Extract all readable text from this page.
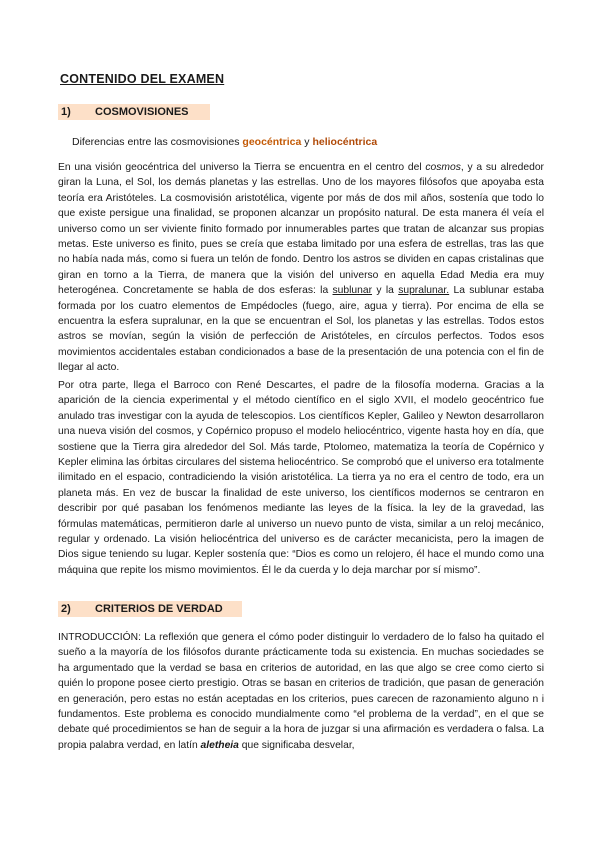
CONTENIDO DEL EXAMEN
1) COSMOVISIONES
Diferencias entre las cosmovisiones geocéntrica y heliocéntrica

En una visión geocéntrica del universo la Tierra se encuentra en el centro del cosmos, y a su alrededor giran la Luna, el Sol, los demás planetas y las estrellas. Uno de los mayores filósofos que apoyaba esta teoría era Aristóteles. La cosmovisión aristotélica, vigente por más de dos mil años, sostenía que todo lo que existe persigue una finalidad, se proponen alcanzar un propósito natural. De esta manera él veía el universo como un ser viviente finito formado por innumerables partes que tratan de alcanzar sus propias metas. Este universo es finito, pues se creía que estaba limitado por una esfera de estrellas, tras las que no había nada más, como si fuera un telón de fondo. Dentro los astros se dividen en capas cristalinas que giran en torno a la Tierra, de manera que la visión del universo en aquella Edad Media era muy heterogénea. Concretamente se habla de dos esferas: la sublunar y la supralunar. La sublunar estaba formada por los cuatro elementos de Empédocles (fuego, aire, agua y tierra). Por encima de ella se encuentra la esfera supralunar, en la que se encuentran el Sol, los planetas y las estrellas. Todos estos astros se movían, según la visión de perfección de Aristóteles, en círculos perfectos. Todos esos movimientos accidentales estaban condicionados a base de la presentación de una potencia con el fin de llegar al acto.

Por otra parte, llega el Barroco con René Descartes, el padre de la filosofía moderna. Gracias a la aparición de la ciencia experimental y el método científico en el siglo XVII, el modelo geocéntrico fue anulado tras investigar con la ayuda de telescopios. Los científicos Kepler, Galileo y Newton desarrollaron una nueva visión del cosmos, y Copérnico propuso el modelo heliocéntrico, vigente hasta hoy en día, que sostiene que la Tierra gira alrededor del Sol. Más tarde, Ptolomeo, matematiza la teoría de Copérnico y Kepler elimina las órbitas circulares del sistema heliocéntrico. Se comprobó que el universo era totalmente ilimitado en el espacio, contradiciendo la visión aristotélica. La tierra ya no era el centro de todo, era un planeta más. En vez de buscar la finalidad de este universo, los científicos modernos se centraron en describir por qué pasaban los fenómenos mediante las leyes de la física. la ley de la gravedad, las fórmulas matemáticas, permitieron darle al universo un nuevo punto de vista, similar a un reloj mecánico, regular y ordenado. La visión heliocéntrica del universo es de carácter mecanicista, pero la imagen de Dios sigue teniendo su lugar. Kepler sostenía que: “Dios es como un relojero, él hace el mundo como una máquina que repite los mismo movimientos. Él le da cuerda y lo deja marchar por sí mismo”.

2) CRITERIOS DE VERDAD

INTRODUCCIÓN: La reflexión que genera el cómo poder distinguir lo verdadero de lo falso ha quitado el sueño a la mayoría de los filósofos durante prácticamente toda su existencia. En muchas sociedades se ha argumentado que la verdad se basa en criterios de autoridad, en las que algo se cree como cierto si quién lo propone posee cierto prestigio. Otras se basan en criterios de tradición, que pasan de generación en generación, pero estas no están aceptadas en los criterios, pues carecen de razonamiento alguno n i fundamentos. Este problema es conocido mundialmente como “el problema de la verdad”, en el que se debate qué procedimientos se han de seguir a la hora de juzgar si una afirmación es verdadera o falsa. La propia palabra verdad, en latín aletheia que significaba desvelar,
